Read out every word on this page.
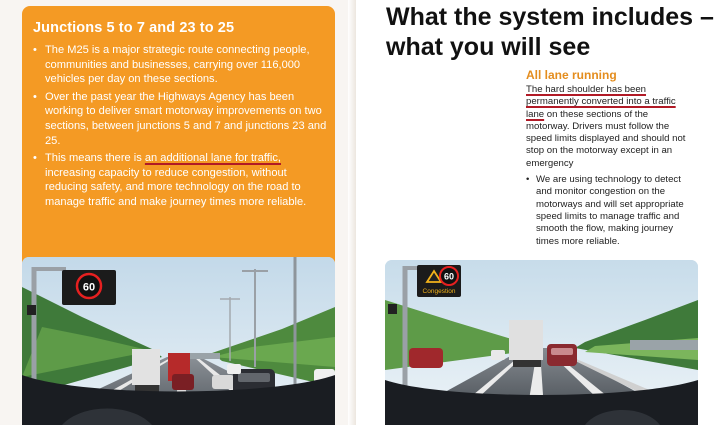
Junctions 5 to 7 and 23 to 25
• The M25 is a major strategic route connecting people, communities and businesses, carrying over 116,000 vehicles per day on these sections.
• Over the past year the Highways Agency has been working to deliver smart motorway improvements on two sections, between junctions 5 and 7 and junctions 23 and 25.
• This means there is an additional lane for traffic, increasing capacity to reduce congestion, without reducing safety, and more technology on the road to manage traffic and make journey times more reliable.
60
What the system includes – what you will see
All lane running

The hard shoulder has been permanently converted into a traffic lane on these sections of the motorway. Drivers must follow the speed limits displayed and should not stop on the motorway except in an emergency

• We are using technology to detect and monitor congestion on the motorways and will set appropriate speed limits to manage traffic and smooth the flow, making journey times more reliable.
60
Congestion
